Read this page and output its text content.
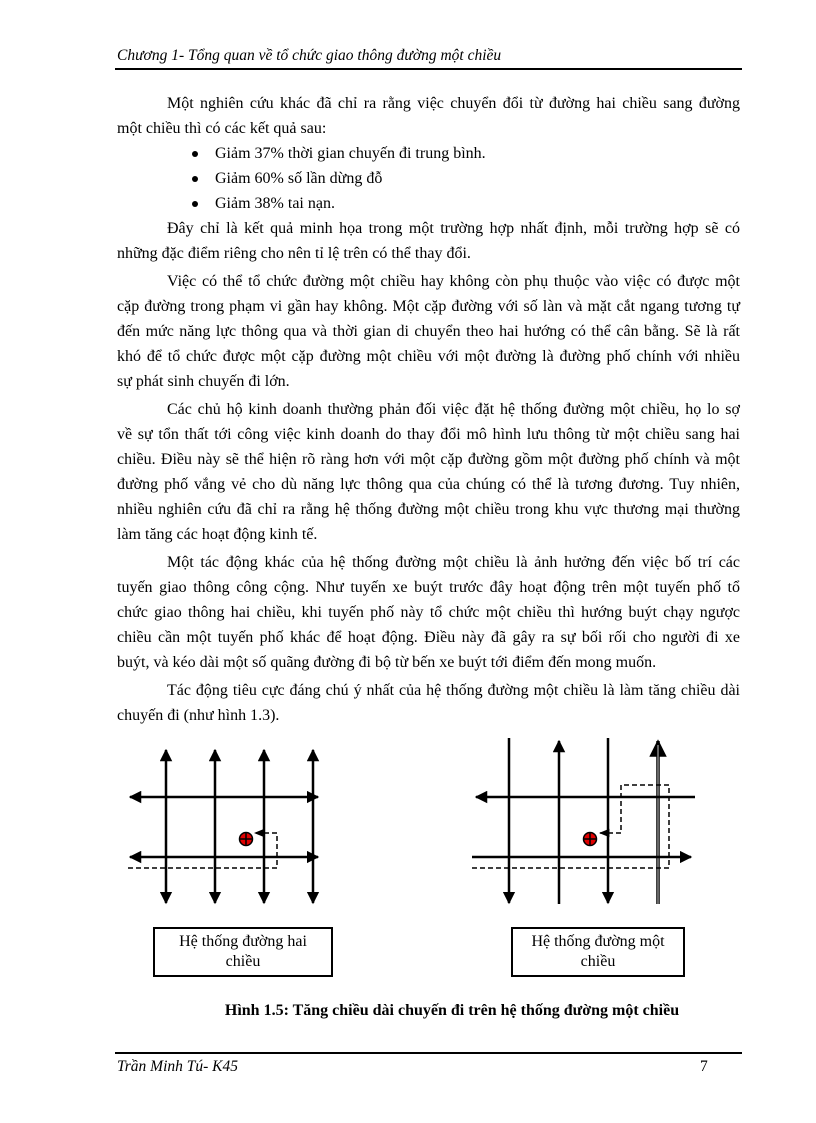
Chương 1- Tổng quan về tổ chức giao thông đường một chiều
Một nghiên cứu khác đã chỉ ra rằng việc chuyển đổi từ đường hai chiều sang đường
một chiều thì có các kết quả sau:
Giảm 37% thời gian chuyến đi trung bình.
Giảm 60% số lần dừng đỗ
Giảm 38% tai nạn.
Đây chỉ là kết quả minh họa trong một trường hợp nhất định, mỗi trường hợp sẽ có
những đặc điểm riêng cho nên tỉ lệ trên có thể thay đổi.
Việc có thể tổ chức đường một chiều hay không còn phụ thuộc vào việc có được một
cặp đường trong phạm vi gần hay không. Một cặp đường với số làn và mặt cắt ngang tương tự
đến mức năng lực thông qua và thời gian di chuyển theo hai hướng có thể cân bằng. Sẽ là rất
khó để tổ chức được một cặp đường một chiều với một đường là đường phố chính với nhiều
sự phát sinh chuyến đi lớn.
Các chủ hộ kinh doanh thường phản đối việc đặt hệ thống đường một chiều, họ lo sợ
về sự tổn thất tới công việc kinh doanh do thay đổi mô hình lưu thông từ một chiều sang hai
chiều. Điều này sẽ thể hiện rõ ràng hơn với một cặp đường gồm một đường phố chính và một
đường phố vắng vẻ cho dù năng lực thông qua của chúng có thể là tương đương. Tuy nhiên,
nhiều nghiên cứu đã chỉ ra rằng hệ thống đường một chiều trong khu vực thương mại thường
làm tăng các hoạt động kinh tế.
Một tác động khác của hệ thống đường một chiều là ảnh hưởng đến việc bố trí các
tuyến giao thông công cộng. Như tuyến xe buýt trước đây hoạt động trên một tuyến phố tổ
chức giao thông hai chiều, khi tuyến phố này tổ chức một chiều thì hướng buýt chạy ngược
chiều cần một tuyến phố khác để hoạt động. Điều này đã gây ra sự bối rối cho người đi xe
buýt, và kéo dài một số quãng đường đi bộ từ bến xe buýt tới điểm đến mong muốn.
Tác động tiêu cực đáng chú ý nhất của hệ thống đường một chiều là làm tăng chiều dài
chuyến đi (như hình 1.3).
Hệ thống đường hai
chiều
Hệ thống đường một
chiều
Hình 1.5: Tăng chiều dài chuyến đi trên hệ thống đường một chiều
Trần Minh Tú- K45	7
